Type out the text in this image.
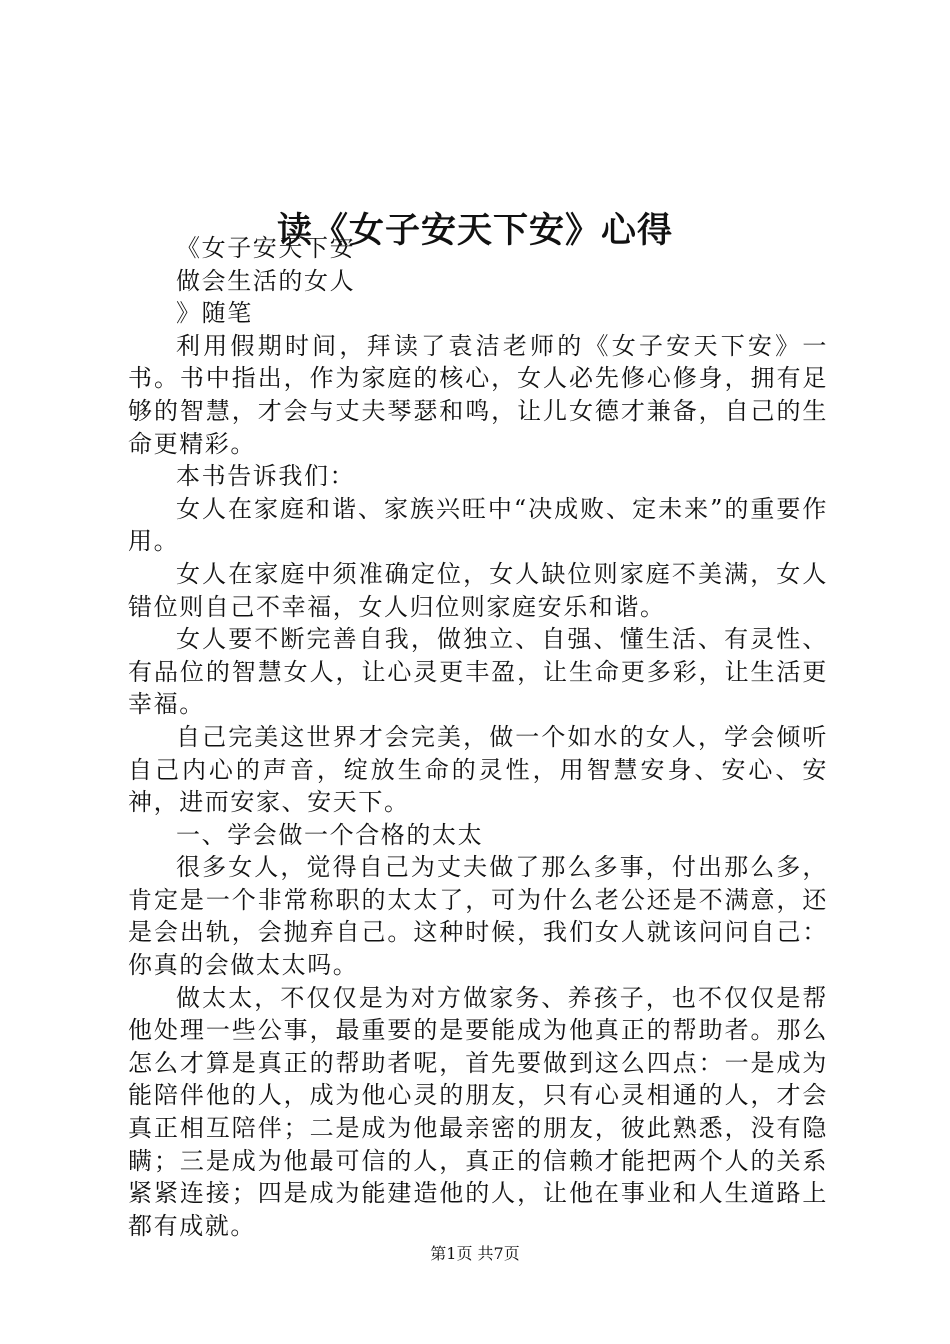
读《女子安天下安》心得

《女子安天下安

做会生活的女人

》随笔

利用假期时间，拜读了袁洁老师的《女子安天下安》一书。书中指出，作为家庭的核心，女人必先修心修身，拥有足够的智慧，才会与丈夫琴瑟和鸣，让儿女德才兼备，自己的生命更精彩。

本书告诉我们：

女人在家庭和谐、家族兴旺中“决成败、定未来”的重要作用。

女人在家庭中须准确定位，女人缺位则家庭不美满，女人错位则自己不幸福，女人归位则家庭安乐和谐。

女人要不断完善自我，做独立、自强、懂生活、有灵性、有品位的智慧女人，让心灵更丰盈，让生命更多彩，让生活更幸福。

自己完美这世界才会完美，做一个如水的女人，学会倾听自己内心的声音，绽放生命的灵性，用智慧安身、安心、安神，进而安家、安天下。

一、学会做一个合格的太太

很多女人，觉得自己为丈夫做了那么多事，付出那么多，肯定是一个非常称职的太太了，可为什么老公还是不满意，还是会出轨，会抛弃自己。这种时候，我们女人就该问问自己：你真的会做太太吗。

做太太，不仅仅是为对方做家务、养孩子，也不仅仅是帮他处理一些公事，最重要的是要能成为他真正的帮助者。那么怎么才算是真正的帮助者呢，首先要做到这么四点：一是成为能陪伴他的人，成为他心灵的朋友，只有心灵相通的人，才会真正相互陪伴；二是成为他最亲密的朋友，彼此熟悉，没有隐瞒；三是成为他最可信的人，真正的信赖才能把两个人的关系紧紧连接；四是成为能建造他的人，让他在事业和人生道路上都有成就。

第1页 共7页
